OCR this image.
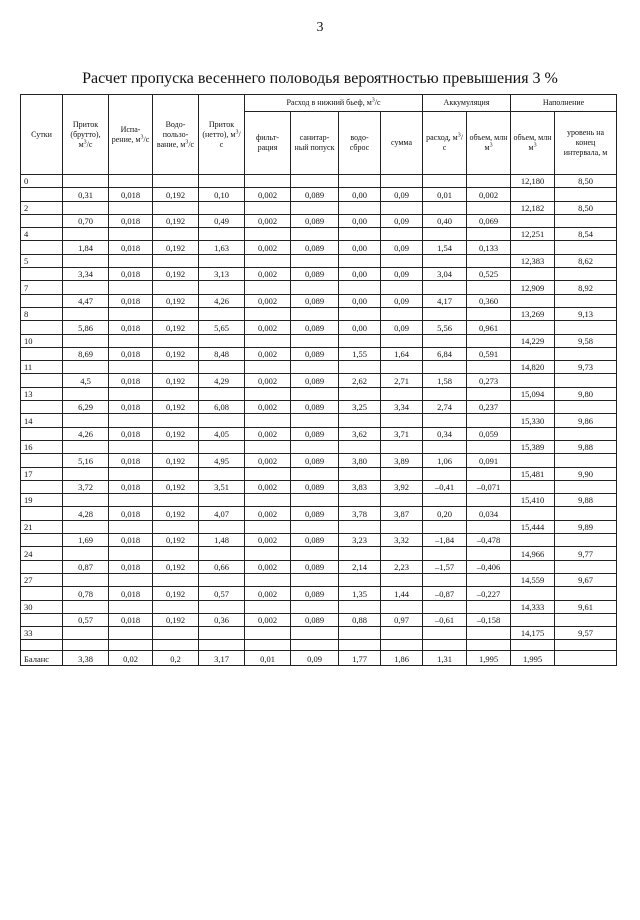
3
Расчет пропуска весеннего половодья вероятностью превышения 3 %
Сутки	Приток (брутто), $м^3/с$	Испа-рение, $м^3/с$	Водо-пользо-вание, $м^3/с$	Приток (нетто), $м^3/с$	Расход в нижний бьеф, $м^3/с$				Аккумуляция		Наполнение	
					фильт-рация	санитар-ный попуск	водо-сброс	сумма	расход, $м^3/с$	объем, млн $м^3$	объем, млн $м^3$	уровень на конец интервала, м
0											12,180	8,50
	0,31	0,018	0,192	0,10	0,002	0,089	0,00	0,09	0,01	0,002		
2											12,182	8,50
	0,70	0,018	0,192	0,49	0,002	0,089	0,00	0,09	0,40	0,069		
4											12,251	8,54
	1,84	0,018	0,192	1,63	0,002	0,089	0,00	0,09	1,54	0,133		
5											12,383	8,62
	3,34	0,018	0,192	3,13	0,002	0,089	0,00	0,09	3,04	0,525		
7											12,909	8,92
	4,47	0,018	0,192	4,26	0,002	0,089	0,00	0,09	4,17	0,360		
8											13,269	9,13
	5,86	0,018	0,192	5,65	0,002	0,089	0,00	0,09	5,56	0,961		
10											14,229	9,58
	8,69	0,018	0,192	8,48	0,002	0,089	1,55	1,64	6,84	0,591		
11											14,820	9,73
	4,5	0,018	0,192	4,29	0,002	0,089	2,62	2,71	1,58	0,273		
13											15,094	9,80
	6,29	0,018	0,192	6,08	0,002	0,089	3,25	3,34	2,74	0,237		
14											15,330	9,86
	4,26	0,018	0,192	4,05	0,002	0,089	3,62	3,71	0,34	0,059		
16											15,389	9,88
	5,16	0,018	0,192	4,95	0,002	0,089	3,80	3,89	1,06	0,091		
17											15,481	9,90
	3,72	0,018	0,192	3,51	0,002	0,089	3,83	3,92	–0,41	–0,071		
19											15,410	9,88
	4,28	0,018	0,192	4,07	0,002	0,089	3,78	3,87	0,20	0,034		
21											15,444	9,89
	1,69	0,018	0,192	1,48	0,002	0,089	3,23	3,32	–1,84	–0,478		
24											14,966	9,77
	0,87	0,018	0,192	0,66	0,002	0,089	2,14	2,23	–1,57	–0,406		
27											14,559	9,67
	0,78	0,018	0,192	0,57	0,002	0,089	1,35	1,44	–0,87	–0,227		
30											14,333	9,61
	0,57	0,018	0,192	0,36	0,002	0,089	0,88	0,97	–0,61	–0,158		
33											14,175	9,57

Баланс	3,38	0,02	0,2	3,17	0,01	0,09	1,77	1,86	1,31	1,995	1,995	
